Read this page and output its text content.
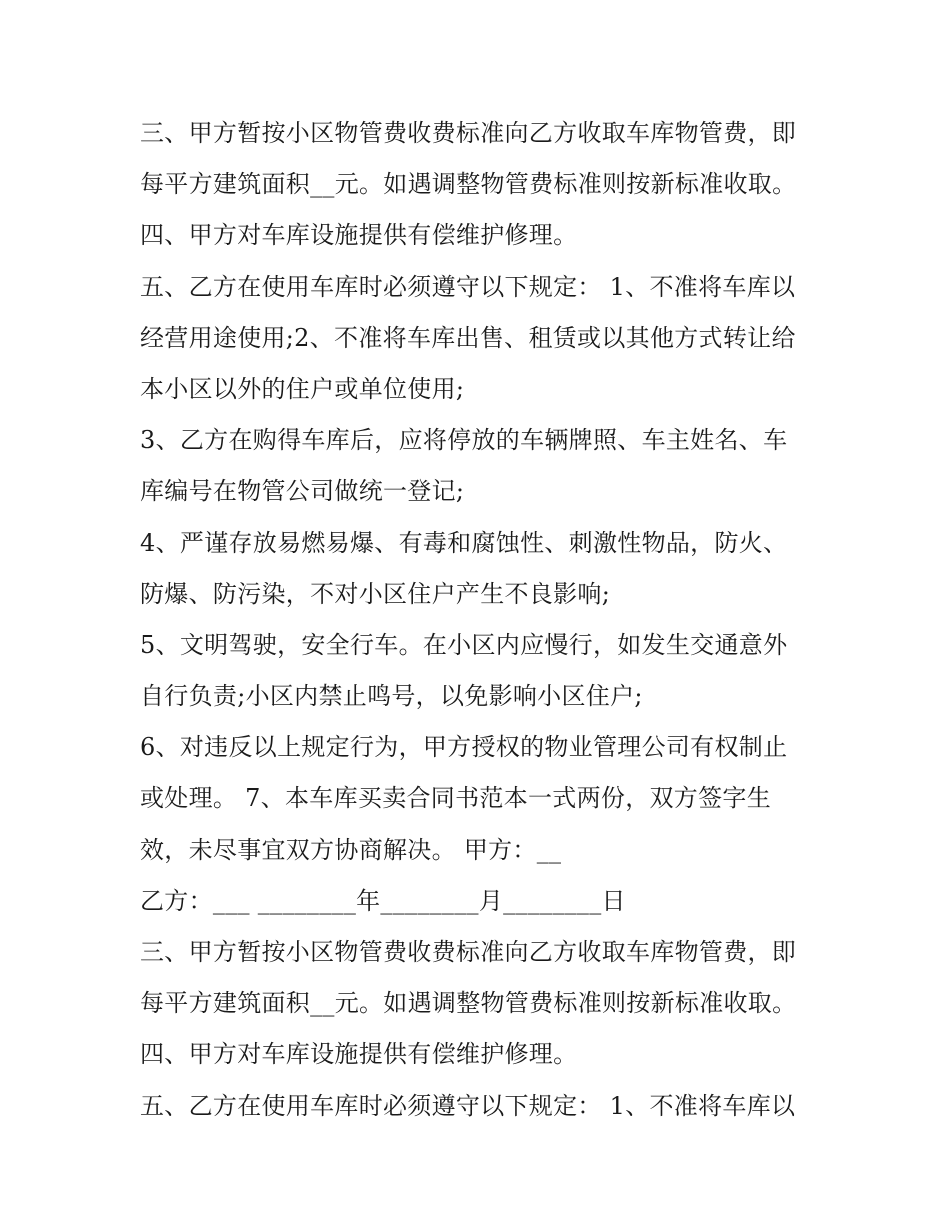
三、甲方暂按小区物管费收费标准向乙方收取车库物管费，即
每平方建筑面积__元。如遇调整物管费标准则按新标准收取。
四、甲方对车库设施提供有偿维护修理。
五、乙方在使用车库时必须遵守以下规定： 1、不准将车库以
经营用途使用;2、不准将车库出售、租赁或以其他方式转让给
本小区以外的住户或单位使用;
3、乙方在购得车库后，应将停放的车辆牌照、车主姓名、车
库编号在物管公司做统一登记;
4、严谨存放易燃易爆、有毒和腐蚀性、刺激性物品，防火、
防爆、防污染，不对小区住户产生不良影响;
5、文明驾驶，安全行车。在小区内应慢行，如发生交通意外
自行负责;小区内禁止鸣号，以免影响小区住户;
6、对违反以上规定行为，甲方授权的物业管理公司有权制止
或处理。 7、本车库买卖合同书范本一式两份，双方签字生
效，未尽事宜双方协商解决。 甲方：__
乙方：___ ________年________月________日
三、甲方暂按小区物管费收费标准向乙方收取车库物管费，即
每平方建筑面积__元。如遇调整物管费标准则按新标准收取。
四、甲方对车库设施提供有偿维护修理。
五、乙方在使用车库时必须遵守以下规定： 1、不准将车库以
